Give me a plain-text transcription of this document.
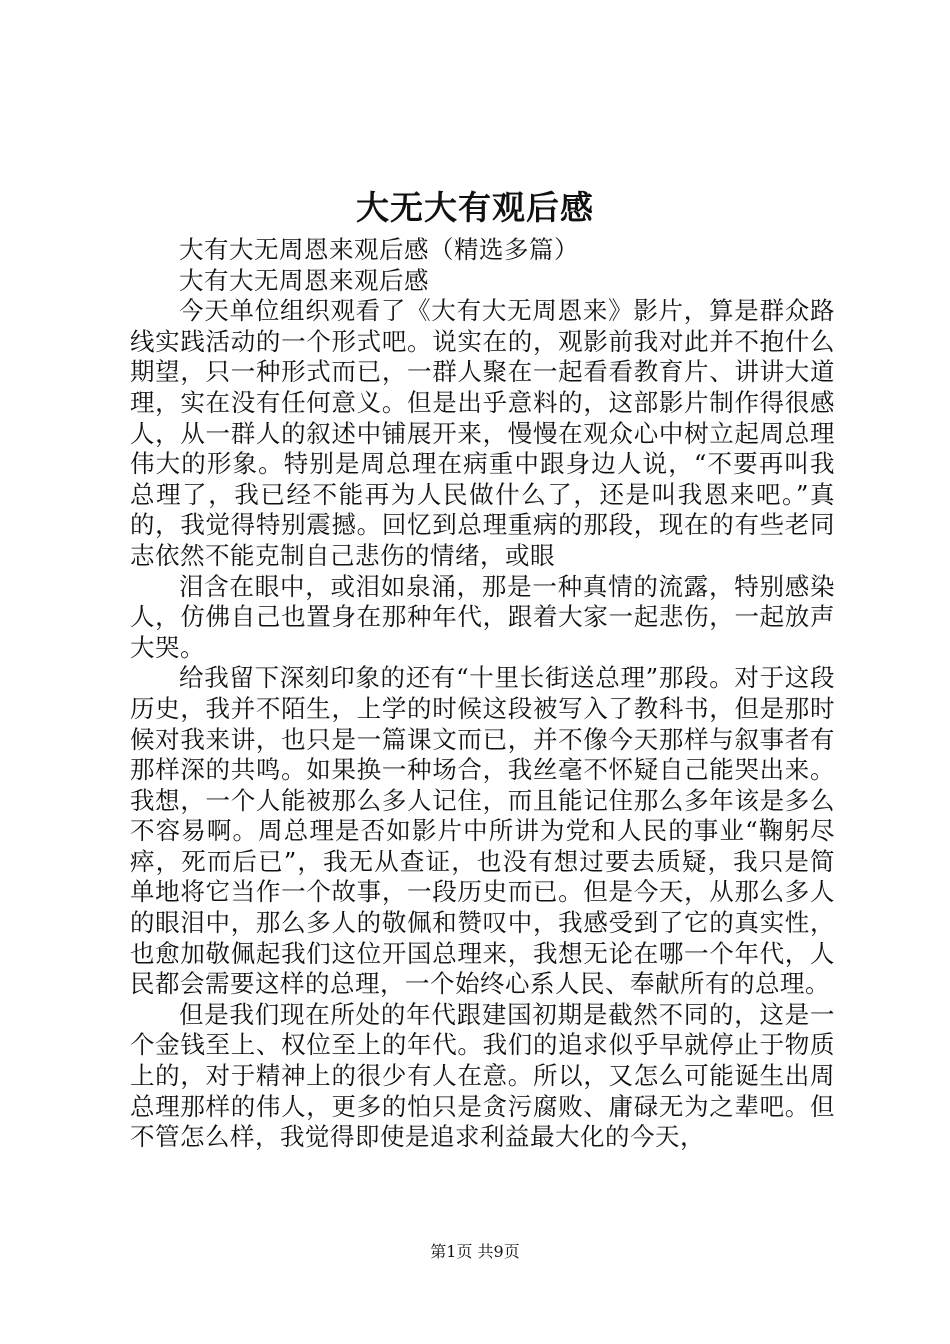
大无大有观后感

大有大无周恩来观后感（精选多篇）

大有大无周恩来观后感

今天单位组织观看了《大有大无周恩来》影片，算是群众路线实践活动的一个形式吧。说实在的，观影前我对此并不抱什么期望，只一种形式而已，一群人聚在一起看看教育片、讲讲大道理，实在没有任何意义。但是出乎意料的，这部影片制作得很感人，从一群人的叙述中铺展开来，慢慢在观众心中树立起周总理伟大的形象。特别是周总理在病重中跟身边人说，“不要再叫我总理了，我已经不能再为人民做什么了，还是叫我恩来吧。”真的，我觉得特别震撼。回忆到总理重病的那段，现在的有些老同志依然不能克制自己悲伤的情绪，或眼

泪含在眼中，或泪如泉涌，那是一种真情的流露，特别感染人，仿佛自己也置身在那种年代，跟着大家一起悲伤，一起放声大哭。

给我留下深刻印象的还有“十里长街送总理”那段。对于这段历史，我并不陌生，上学的时候这段被写入了教科书，但是那时候对我来讲，也只是一篇课文而已，并不像今天那样与叙事者有那样深的共鸣。如果换一种场合，我丝毫不怀疑自己能哭出来。我想，一个人能被那么多人记住，而且能记住那么多年该是多么不容易啊。周总理是否如影片中所讲为党和人民的事业“鞠躬尽瘁，死而后已”，我无从查证，也没有想过要去质疑，我只是简单地将它当作一个故事，一段历史而已。但是今天，从那么多人的眼泪中，那么多人的敬佩和赞叹中，我感受到了它的真实性，也愈加敬佩起我们这位开国总理来，我想无论在哪一个年代，人民都会需要这样的总理，一个始终心系人民、奉献所有的总理。

但是我们现在所处的年代跟建国初期是截然不同的，这是一个金钱至上、权位至上的年代。我们的追求似乎早就停止于物质上的，对于精神上的很少有人在意。所以，又怎么可能诞生出周总理那样的伟人，更多的怕只是贪污腐败、庸碌无为之辈吧。但不管怎么样，我觉得即使是追求利益最大化的今天，

第1页 共9页
